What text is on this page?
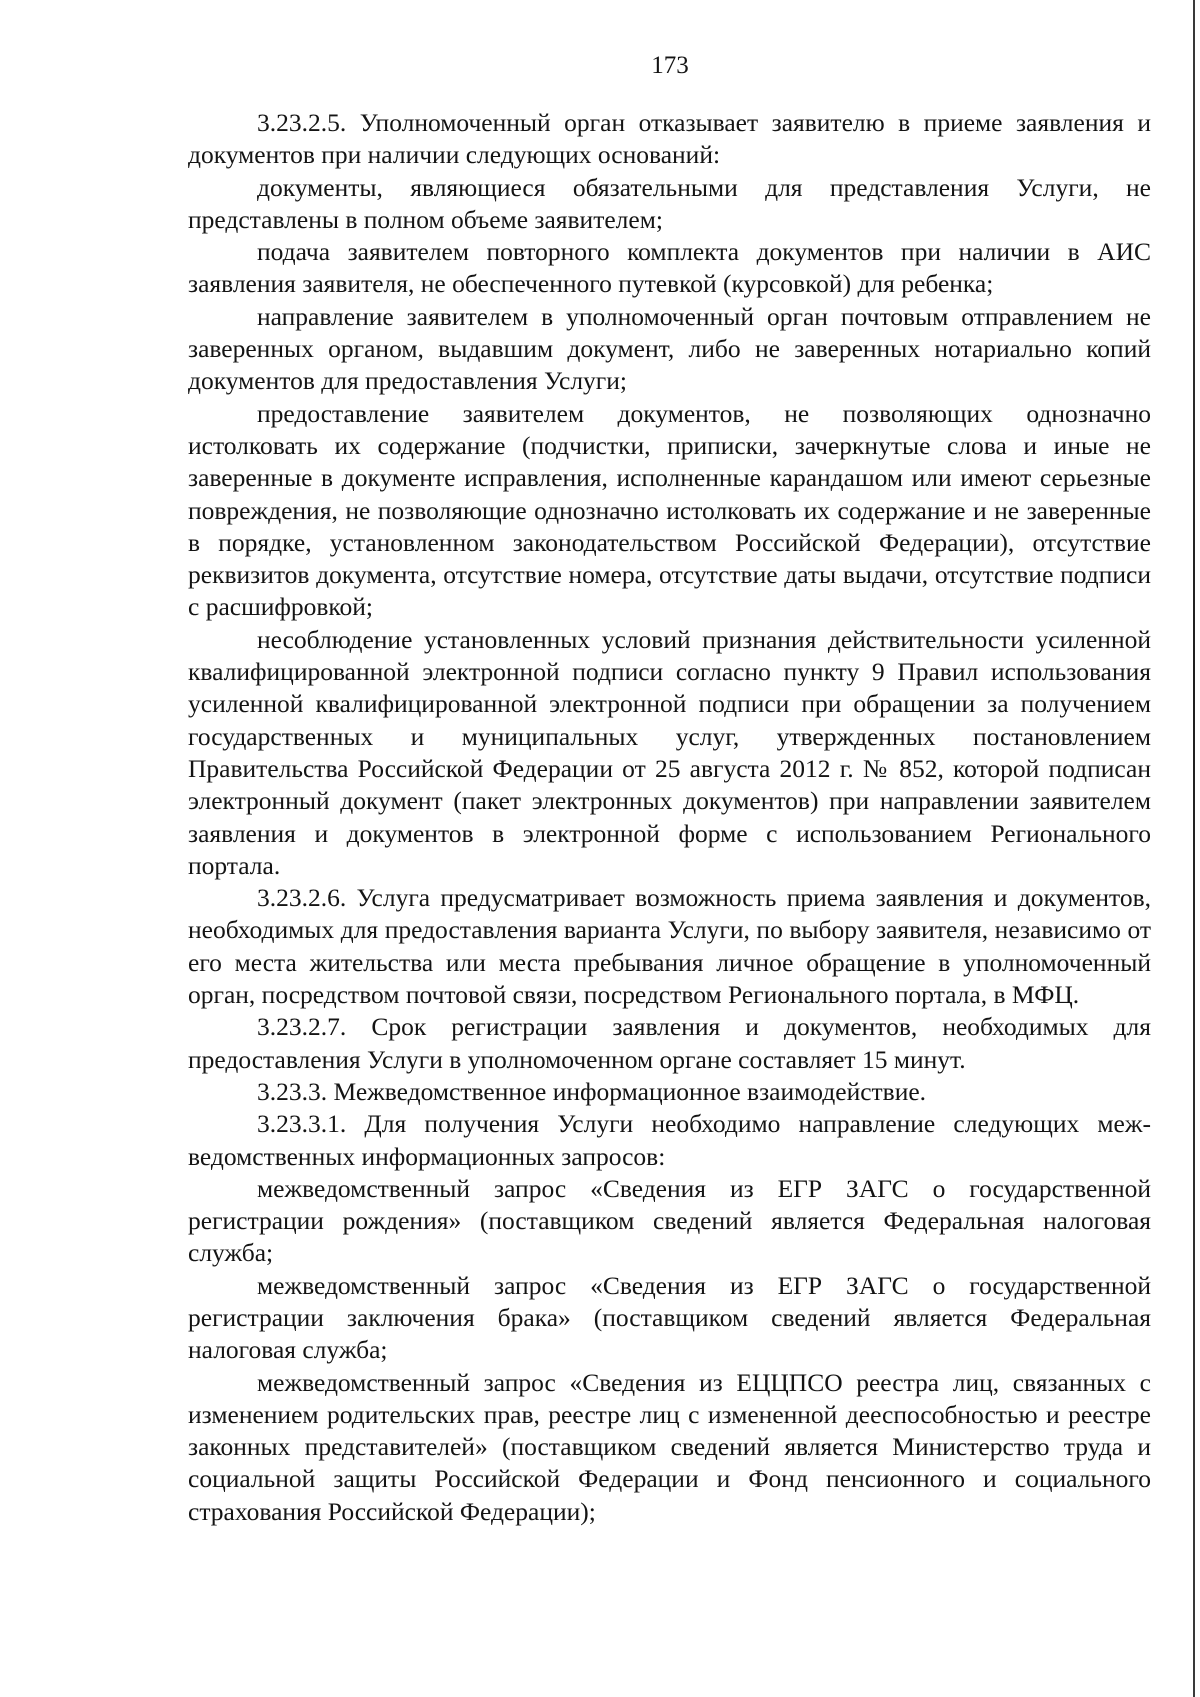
173

3.23.2.5. Уполномоченный орган отказывает заявителю в приеме заявления и документов при наличии следующих оснований:

документы, являющиеся обязательными для представления Услуги, не представлены в полном объеме заявителем;

подача заявителем повторного комплекта документов при наличии в АИС заявления заявителя, не обеспеченного путевкой (курсовкой) для ребенка;

направление заявителем в уполномоченный орган почтовым отправлением не заверенных органом, выдавшим документ, либо не заверенных нотариально копий документов для предоставления Услуги;

предоставление заявителем документов, не позволяющих однозначно истолковать их содержание (подчистки, приписки, зачеркнутые слова и иные не заверенные в документе исправления, исполненные карандашом или имеют серьезные повреждения, не позволяющие однозначно истолковать их содержание и не заверенные в порядке, установленном законодательством Российской Федерации), отсутствие реквизитов документа, отсутствие номера, отсутствие даты выдачи, отсутствие подписи с расшифровкой;

несоблюдение установленных условий признания действительности усиленной квалифицированной электронной подписи согласно пункту 9 Правил использования усиленной квалифицированной электронной подписи при обращении за получением государственных и муниципальных услуг, утвержденных постановлением Правительства Российской Федерации от 25 августа 2012 г. № 852, которой подписан электронный документ (пакет электронных документов) при направлении заявителем заявления и документов в электронной форме с использованием Регионального портала.

3.23.2.6. Услуга предусматривает возможность приема заявления и документов, необходимых для предоставления варианта Услуги, по выбору заявителя, независимо от его места жительства или места пребывания личное обращение в уполномоченный орган, посредством почтовой связи, посредством Регионального портала, в МФЦ.

3.23.2.7. Срок регистрации заявления и документов, необходимых для предоставления Услуги в уполномоченном органе составляет 15 минут.

3.23.3. Межведомственное информационное взаимодействие.

3.23.3.1. Для получения Услуги необходимо направление следующих межведомственных информационных запросов:

межведомственный запрос «Сведения из ЕГР ЗАГС о государственной регистрации рождения» (поставщиком сведений является Федеральная налоговая служба;

межведомственный запрос «Сведения из ЕГР ЗАГС о государственной регистрации заключения брака» (поставщиком сведений является Федеральная налоговая служба;

межведомственный запрос «Сведения из ЕЦЦПСО реестра лиц, связанных с изменением родительских прав, реестре лиц с измененной дееспособностью и реестре законных представителей» (поставщиком сведений является Министерство труда и социальной защиты Российской Федерации и Фонд пенсионного и социального страхования Российской Федерации);
